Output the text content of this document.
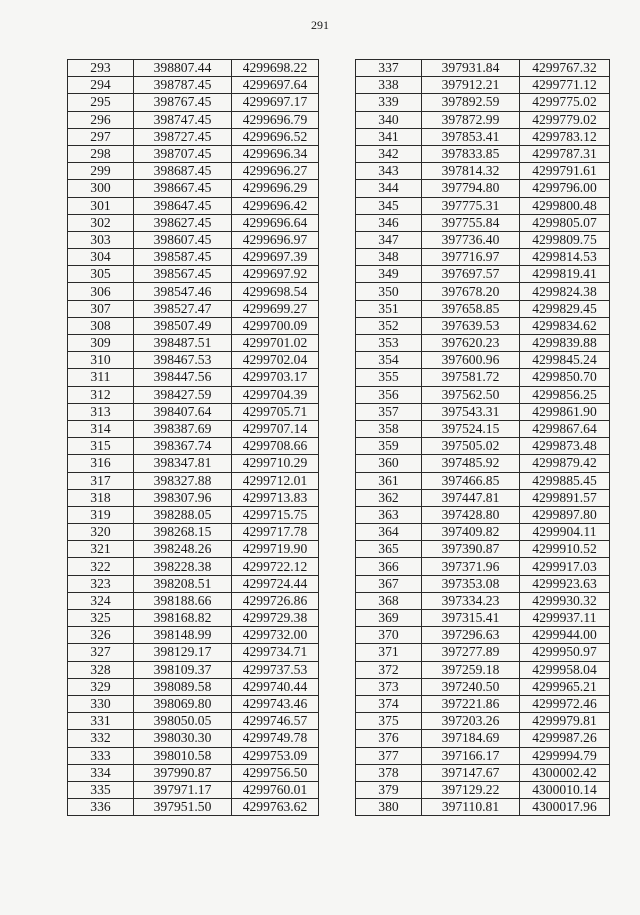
291
293	398807.44	4299698.22
294	398787.45	4299697.64
295	398767.45	4299697.17
296	398747.45	4299696.79
297	398727.45	4299696.52
298	398707.45	4299696.34
299	398687.45	4299696.27
300	398667.45	4299696.29
301	398647.45	4299696.42
302	398627.45	4299696.64
303	398607.45	4299696.97
304	398587.45	4299697.39
305	398567.45	4299697.92
306	398547.46	4299698.54
307	398527.47	4299699.27
308	398507.49	4299700.09
309	398487.51	4299701.02
310	398467.53	4299702.04
311	398447.56	4299703.17
312	398427.59	4299704.39
313	398407.64	4299705.71
314	398387.69	4299707.14
315	398367.74	4299708.66
316	398347.81	4299710.29
317	398327.88	4299712.01
318	398307.96	4299713.83
319	398288.05	4299715.75
320	398268.15	4299717.78
321	398248.26	4299719.90
322	398228.38	4299722.12
323	398208.51	4299724.44
324	398188.66	4299726.86
325	398168.82	4299729.38
326	398148.99	4299732.00
327	398129.17	4299734.71
328	398109.37	4299737.53
329	398089.58	4299740.44
330	398069.80	4299743.46
331	398050.05	4299746.57
332	398030.30	4299749.78
333	398010.58	4299753.09
334	397990.87	4299756.50
335	397971.17	4299760.01
336	397951.50	4299763.62
337	397931.84	4299767.32
338	397912.21	4299771.12
339	397892.59	4299775.02
340	397872.99	4299779.02
341	397853.41	4299783.12
342	397833.85	4299787.31
343	397814.32	4299791.61
344	397794.80	4299796.00
345	397775.31	4299800.48
346	397755.84	4299805.07
347	397736.40	4299809.75
348	397716.97	4299814.53
349	397697.57	4299819.41
350	397678.20	4299824.38
351	397658.85	4299829.45
352	397639.53	4299834.62
353	397620.23	4299839.88
354	397600.96	4299845.24
355	397581.72	4299850.70
356	397562.50	4299856.25
357	397543.31	4299861.90
358	397524.15	4299867.64
359	397505.02	4299873.48
360	397485.92	4299879.42
361	397466.85	4299885.45
362	397447.81	4299891.57
363	397428.80	4299897.80
364	397409.82	4299904.11
365	397390.87	4299910.52
366	397371.96	4299917.03
367	397353.08	4299923.63
368	397334.23	4299930.32
369	397315.41	4299937.11
370	397296.63	4299944.00
371	397277.89	4299950.97
372	397259.18	4299958.04
373	397240.50	4299965.21
374	397221.86	4299972.46
375	397203.26	4299979.81
376	397184.69	4299987.26
377	397166.17	4299994.79
378	397147.67	4300002.42
379	397129.22	4300010.14
380	397110.81	4300017.96
